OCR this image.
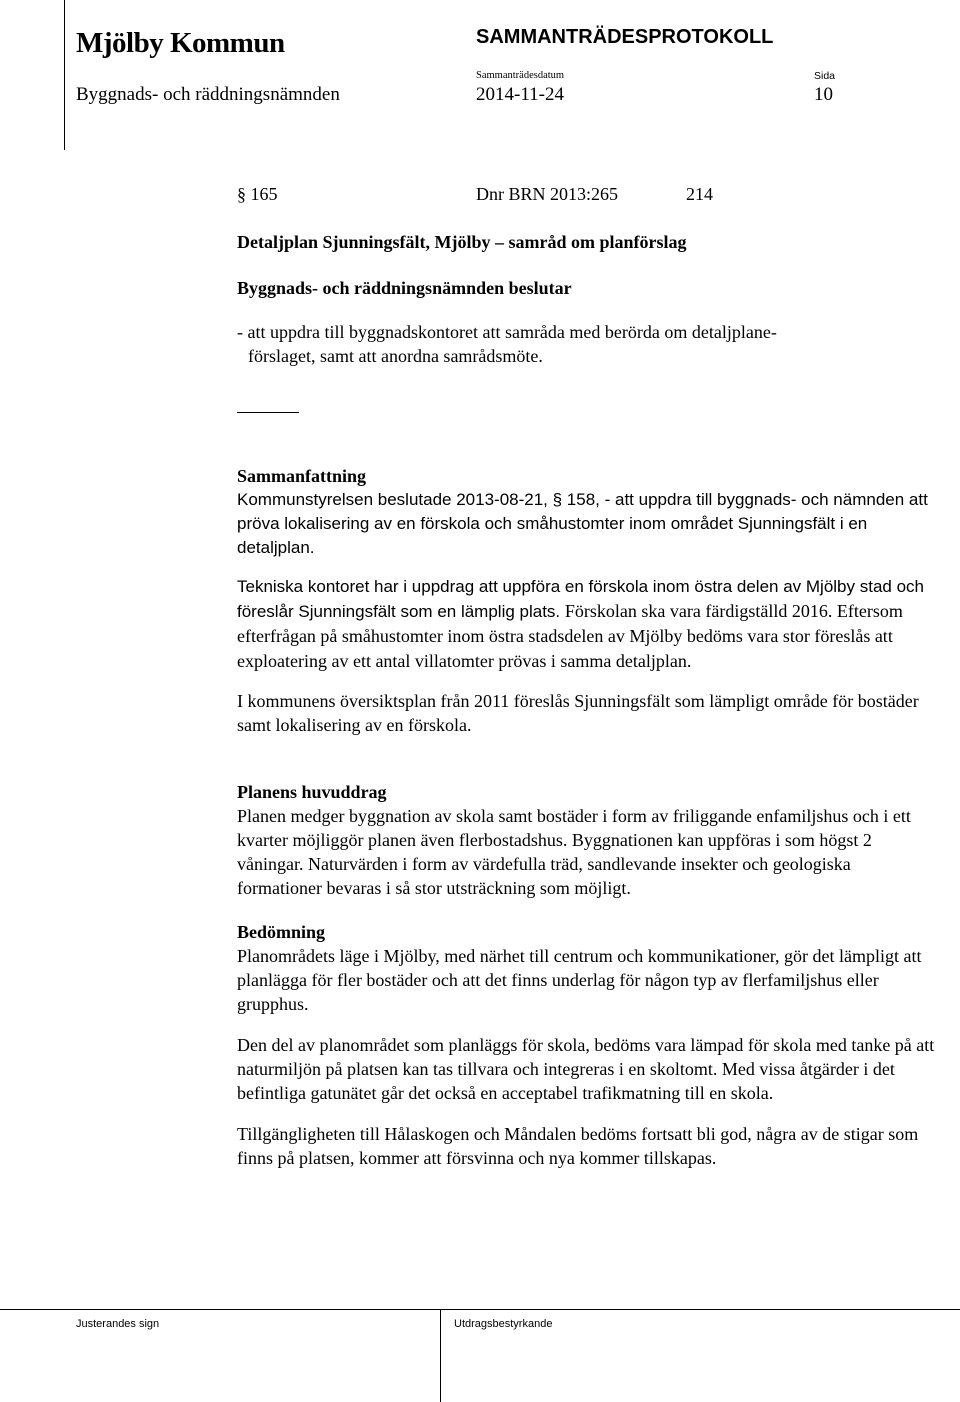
Mjölby Kommun	SAMMANTRÄDESPROTOKOLL
Sammanträdesdatum	Sida
Byggnads- och räddningsnämnden	2014-11-24	10
§ 165	Dnr BRN 2013:265	214
Detaljplan Sjunningsfält, Mjölby – samråd om planförslag
Byggnads- och räddningsnämnden beslutar
- att uppdra till byggnadskontoret att samråda med berörda om detaljplane-
förslaget, samt att anordna samrådsmöte.

Sammanfattning

Kommunstyrelsen beslutade 2013-08-21, § 158, - att uppdra till byggnads- och nämnden att pröva lokalisering av en förskola och småhustomter inom området Sjunningsfält i en detaljplan.

Tekniska kontoret har i uppdrag att uppföra en förskola inom östra delen av Mjölby stad och föreslår Sjunningsfält som en lämplig plats. Förskolan ska vara färdigställd 2016. Eftersom efterfrågan på småhustomter inom östra stadsdelen av Mjölby bedöms vara stor föreslås att exploatering av ett antal villatomter prövas i samma detaljplan.

I kommunens översiktsplan från 2011 föreslås Sjunningsfält som lämpligt område för bostäder samt lokalisering av en förskola.

Planens huvuddrag

Planen medger byggnation av skola samt bostäder i form av friliggande enfamiljshus och i ett kvarter möjliggör planen även flerbostadshus. Byggnationen kan uppföras i som högst 2 våningar. Naturvärden i form av värdefulla träd, sandlevande insekter och geologiska formationer bevaras i så stor utsträckning som möjligt.

Bedömning

Planområdets läge i Mjölby, med närhet till centrum och kommunikationer, gör det lämpligt att planlägga för fler bostäder och att det finns underlag för någon typ av flerfamiljshus eller grupphus.

Den del av planområdet som planläggs för skola, bedöms vara lämpad för skola med tanke på att naturmiljön på platsen kan tas tillvara och integreras i en skoltomt. Med vissa åtgärder i det befintliga gatunätet går det också en acceptabel trafikmatning till en skola.

Tillgängligheten till Hålaskogen och Måndalen bedöms fortsatt bli god, några av de stigar som finns på platsen, kommer att försvinna och nya kommer tillskapas.

Justerandes sign	Utdragsbestyrkande
